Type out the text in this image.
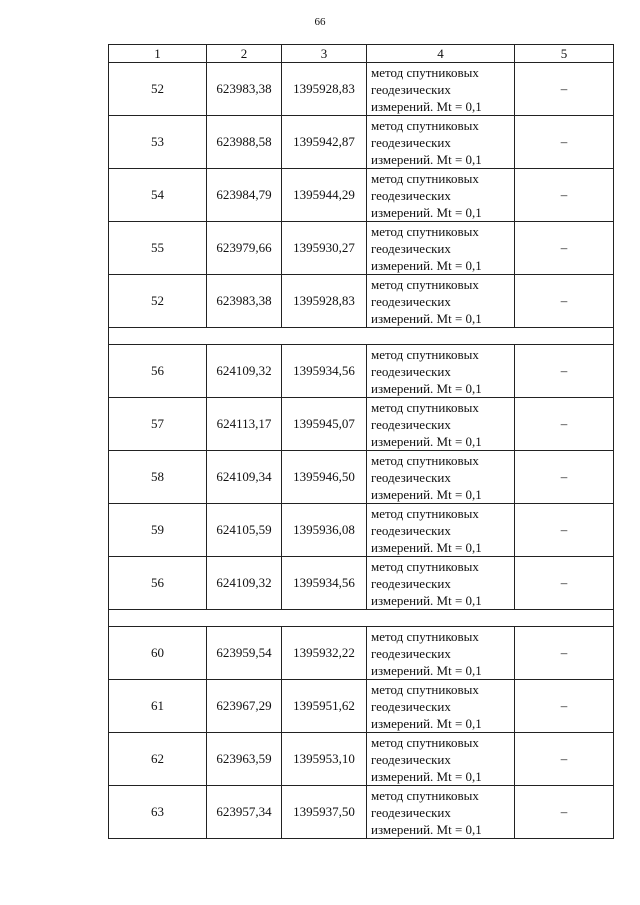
66
1	2	3	4	5
52	623983,38	1395928,83	метод спутниковых
геодезических
измерений. Mt = 0,1	–
53	623988,58	1395942,87	метод спутниковых
геодезических
измерений. Mt = 0,1	–
54	623984,79	1395944,29	метод спутниковых
геодезических
измерений. Mt = 0,1	–
55	623979,66	1395930,27	метод спутниковых
геодезических
измерений. Mt = 0,1	–
52	623983,38	1395928,83	метод спутниковых
геодезических
измерений. Mt = 0,1	–

56	624109,32	1395934,56	метод спутниковых
геодезических
измерений. Mt = 0,1	–
57	624113,17	1395945,07	метод спутниковых
геодезических
измерений. Mt = 0,1	–
58	624109,34	1395946,50	метод спутниковых
геодезических
измерений. Mt = 0,1	–
59	624105,59	1395936,08	метод спутниковых
геодезических
измерений. Mt = 0,1	–
56	624109,32	1395934,56	метод спутниковых
геодезических
измерений. Mt = 0,1	–

60	623959,54	1395932,22	метод спутниковых
геодезических
измерений. Mt = 0,1	–
61	623967,29	1395951,62	метод спутниковых
геодезических
измерений. Mt = 0,1	–
62	623963,59	1395953,10	метод спутниковых
геодезических
измерений. Mt = 0,1	–
63	623957,34	1395937,50	метод спутниковых
геодезических
измерений. Mt = 0,1	–
